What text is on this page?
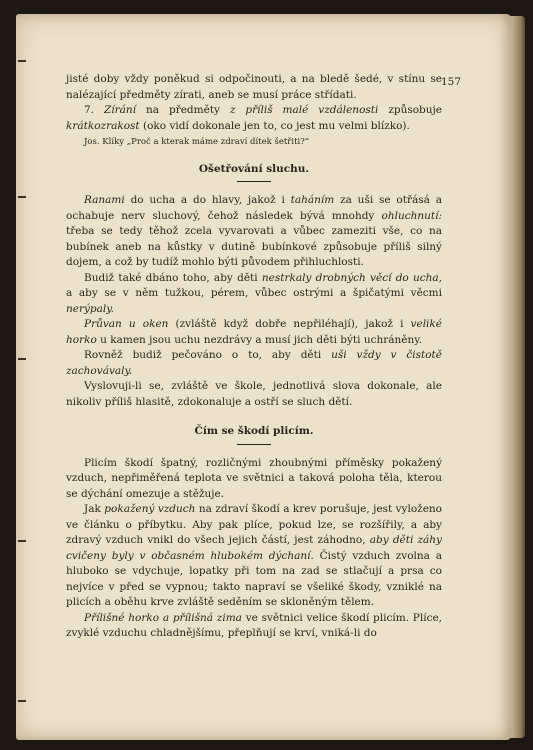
157

jisté doby vždy poněkud si odpočinouti, a na bledě šedé, v stínu se nalézající předměty zírati, aneb se musí práce střídati.

7. Zírání na předměty z příliš malé vzdálenosti způsobuje krátkozrakost (oko vidí dokonale jen to, co jest mu velmi blízko).

Jos. Klíky „Proč a kterak máme zdraví dítek šetřiti?“

Ošetřování sluchu.

Ranami do ucha a do hlavy, jakož i taháním za uši se otřásá a ochabuje nerv sluchový, čehož následek bývá mnohdy ohluchnutí: třeba se tedy těhož zcela vyvarovati a vůbec zameziti vše, co na bubínek aneb na kůstky v dutině bubínkové způsobuje příliš silný dojem, a což by tudíž mohlo býti původem přihluchlosti.

Budiž také dbáno toho, aby děti nestrkaly drobných věcí do ucha, a aby se v něm tužkou, pérem, vůbec ostrými a špičatými věcmi nerýpaly.

Průvan u oken (zvláště když dobře nepřiléhají), jakož i veliké horko u kamen jsou uchu nezdrávy a musí jich děti býti uchráněny.

Rovněž budiž pečováno o to, aby děti uši vždy v čistotě zachovávaly.

Vyslovuji-li se, zvláště ve škole, jednotlivá slova dokonale, ale nikoliv příliš hlasitě, zdokonaluje a ostří se sluch dětí.

Čím se škodí plicím.

Plicím škodí špatný, rozličnými zhoubnými příměsky pokažený vzduch, nepřiměřená teplota ve světnici a taková poloha těla, kterou se dýchání omezuje a stěžuje.

Jak pokažený vzduch na zdraví škodí a krev porušuje, jest vyloženo ve článku o příbytku. Aby pak plíce, pokud lze, se rozšířily, a aby zdravý vzduch vnikl do všech jejich částí, jest záhodno, aby děti záhy cvičeny byly v občasném hlubokém dýchaní. Čistý vzduch zvolna a hluboko se vdychuje, lopatky při tom na zad se stlačují a prsa co nejvíce v před se vypnou; takto napraví se všeliké škody, vzniklé na plicích a oběhu krve zvláště seděním se skloněným tělem.

Přílišné horko a přílišná zima ve světnici velice škodí plicím. Plíce, zvyklé vzduchu chladnějšímu, přeplňují se krví, vniká-li do
